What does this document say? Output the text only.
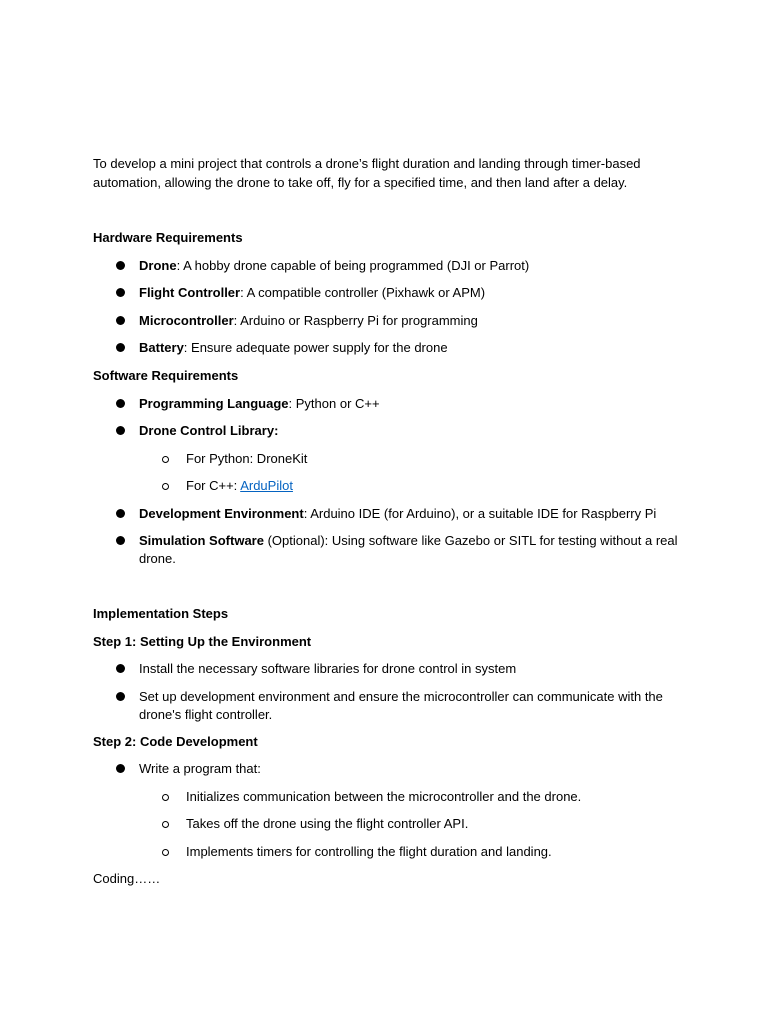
To develop a mini project that controls a drone’s flight duration and landing through timer-based

automation, allowing the drone to take off, fly for a specified time, and then land after a delay.

Hardware Requirements

Drone: A hobby drone capable of being programmed (DJI or Parrot)
Flight Controller: A compatible controller (Pixhawk or APM)
Microcontroller: Arduino or Raspberry Pi for programming
Battery: Ensure adequate power supply for the drone

Software Requirements

Programming Language: Python or C++
Drone Control Library:
For Python: DroneKit
For C++: ArduPilot
Development Environment: Arduino IDE (for Arduino), or a suitable IDE for Raspberry Pi
Simulation Software (Optional): Using software like Gazebo or SITL for testing without a real
drone.

Implementation Steps

Step 1: Setting Up the Environment

Install the necessary software libraries for drone control in system
Set up development environment and ensure the microcontroller can communicate with the
drone's flight controller.

Step 2: Code Development

Write a program that:
Initializes communication between the microcontroller and the drone.
Takes off the drone using the flight controller API.
Implements timers for controlling the flight duration and landing.

Coding……
